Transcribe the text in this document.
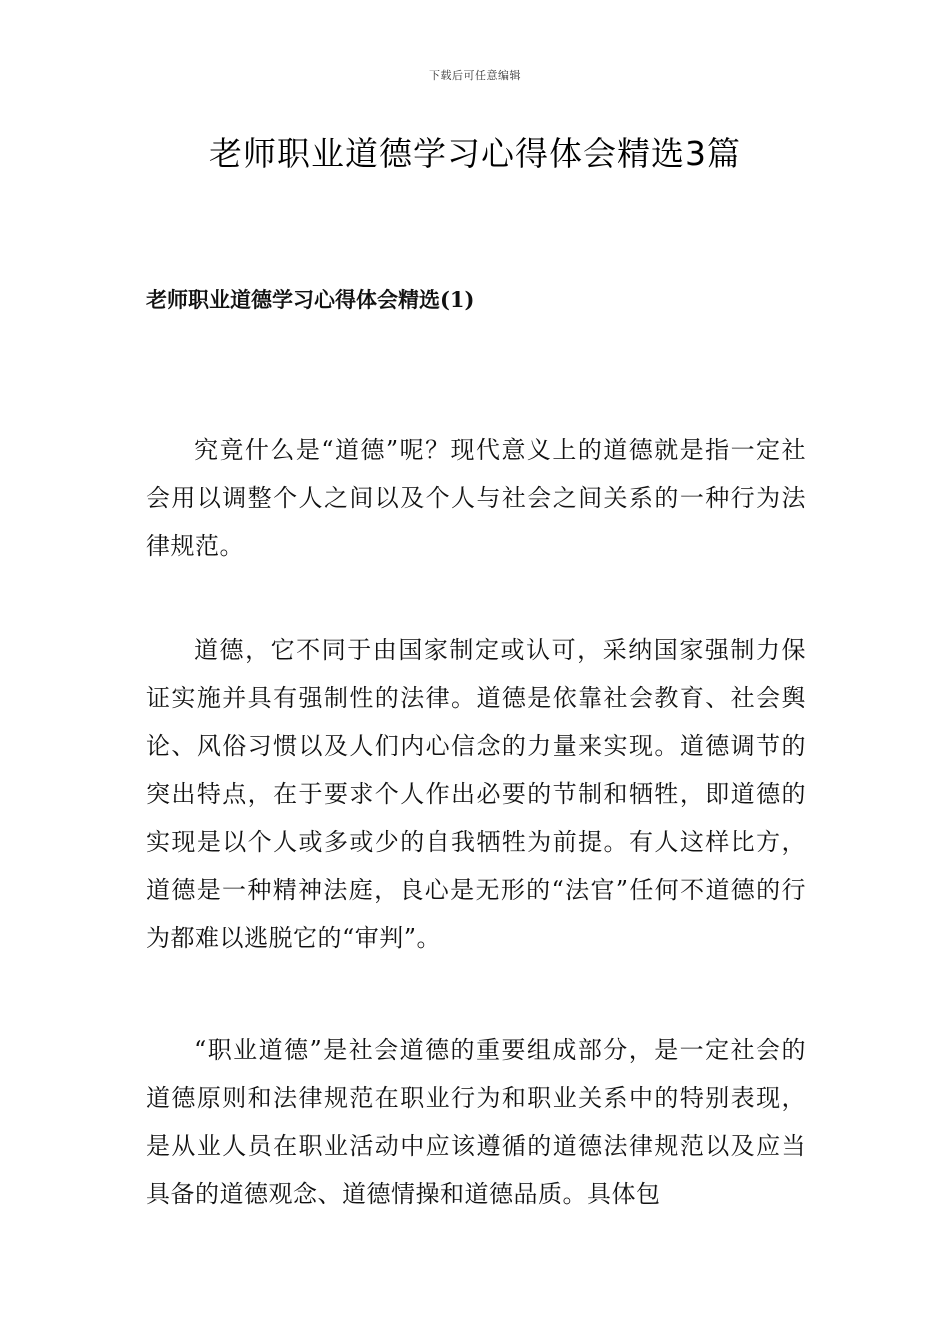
下载后可任意编辑
老师职业道德学习心得体会精选3篇
老师职业道德学习心得体会精选(1)

究竟什么是“道德”呢？现代意义上的道德就是指一定社会用以调整个人之间以及个人与社会之间关系的一种行为法律规范。

道德，它不同于由国家制定或认可，采纳国家强制力保证实施并具有强制性的法律。道德是依靠社会教育、社会舆论、风俗习惯以及人们内心信念的力量来实现。道德调节的突出特点，在于要求个人作出必要的节制和牺牲，即道德的实现是以个人或多或少的自我牺牲为前提。有人这样比方，道德是一种精神法庭，良心是无形的“法官”任何不道德的行为都难以逃脱它的“审判”。

“职业道德”是社会道德的重要组成部分，是一定社会的道德原则和法律规范在职业行为和职业关系中的特别表现，是从业人员在职业活动中应该遵循的道德法律规范以及应当具备的道德观念、道德情操和道德品质。具体包
